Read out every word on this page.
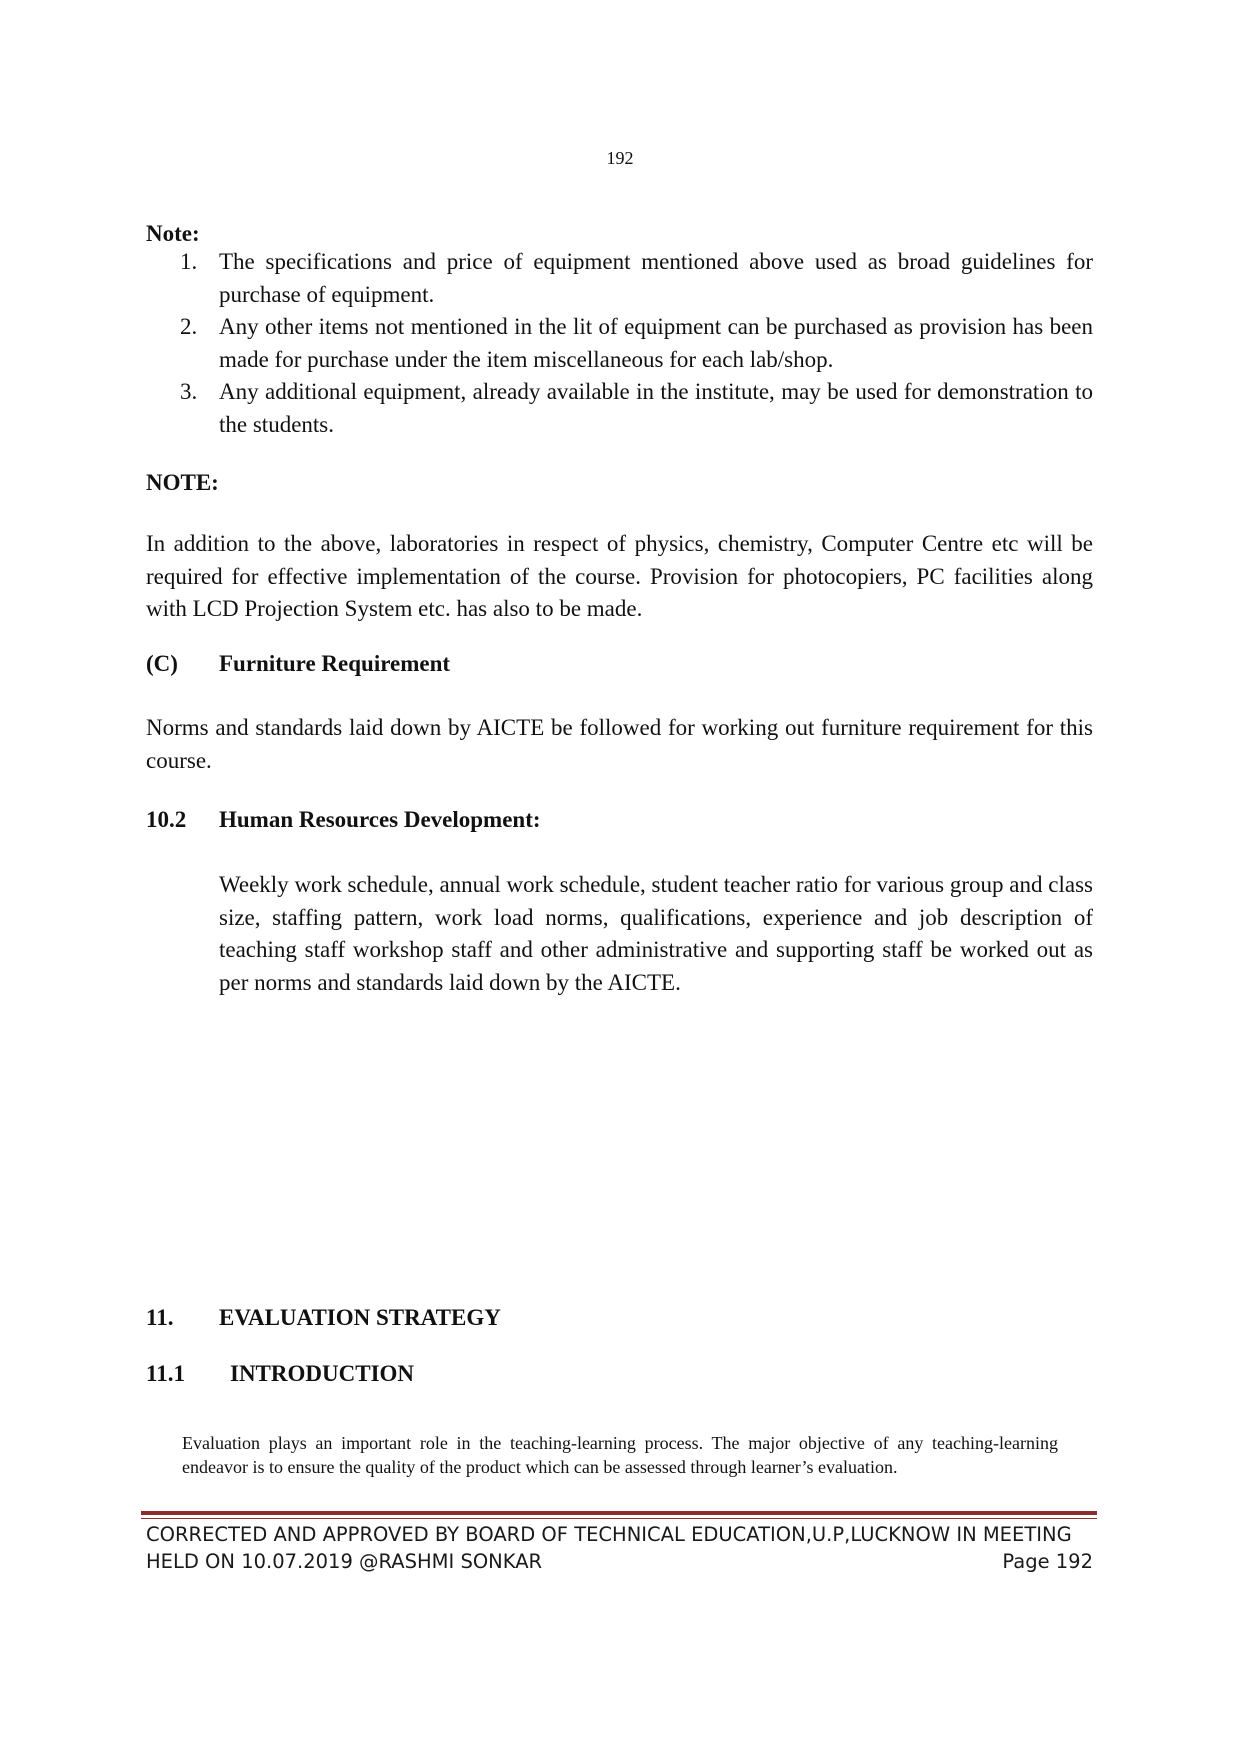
192
Note:
1. The specifications and price of equipment mentioned above used as broad guidelines for purchase of equipment.
2. Any other items not mentioned in the lit of equipment can be purchased as provision has been made for purchase under the item miscellaneous for each lab/shop.
3. Any additional equipment, already available in the institute, may be used for demonstration to the students.
NOTE:

In addition to the above, laboratories in respect of physics, chemistry, Computer Centre etc will be required for effective implementation of the course. Provision for photocopiers, PC facilities along with LCD Projection System etc. has also to be made.

(C) Furniture Requirement

Norms and standards laid down by AICTE be followed for working out furniture requirement for this course.

10.2 Human Resources Development:

Weekly work schedule, annual work schedule, student teacher ratio for various group and class size, staffing pattern, work load norms, qualifications, experience and job description of teaching staff workshop staff and other administrative and supporting staff be worked out as per norms and standards laid down by the AICTE.

11. EVALUATION STRATEGY
11.1 INTRODUCTION

Evaluation plays an important role in the teaching-learning process. The major objective of any teaching-learning endeavor is to ensure the quality of the product which can be assessed through learner’s evaluation.

CORRECTED AND APPROVED BY BOARD OF TECHNICAL EDUCATION,U.P,LUCKNOW IN MEETING
HELD ON 10.07.2019 @RASHMI SONKAR	Page 192
